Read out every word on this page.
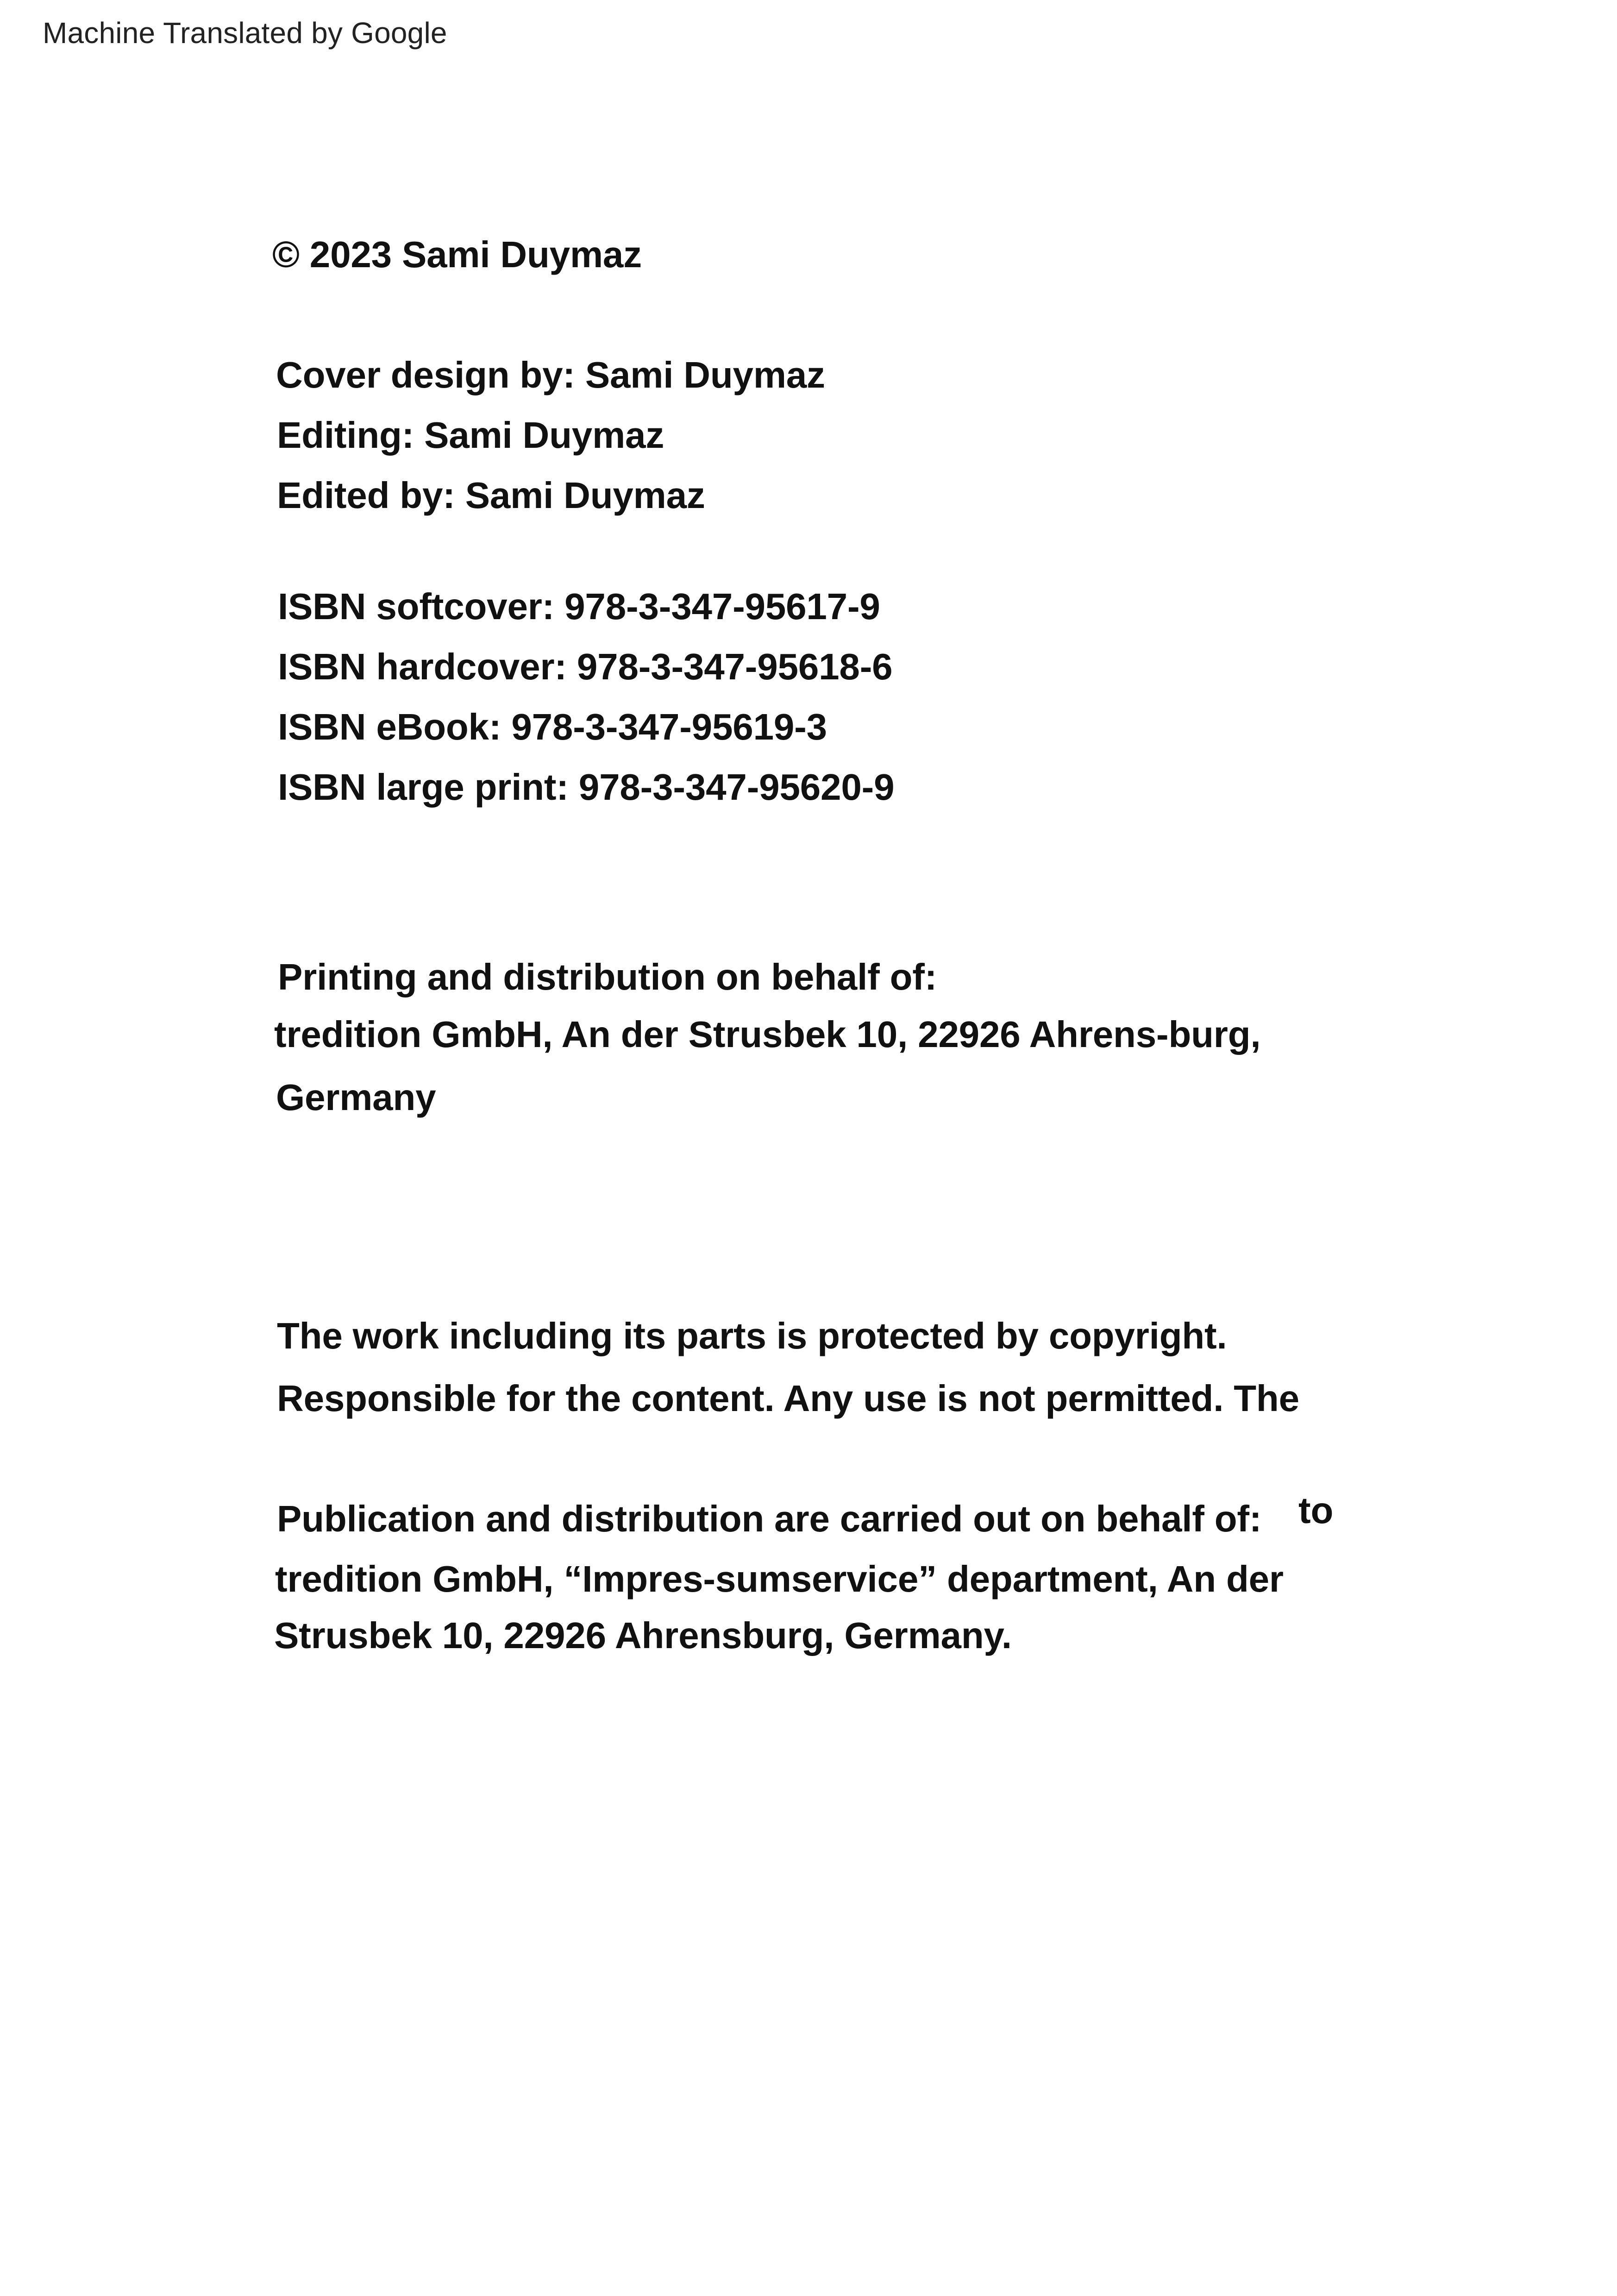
Machine Translated by Google
© 2023 Sami Duymaz
Cover design by: Sami Duymaz
Editing: Sami Duymaz
Edited by: Sami Duymaz
ISBN softcover: 978-3-347-95617-9
ISBN hardcover: 978-3-347-95618-6
ISBN eBook: 978-3-347-95619-3
ISBN large print: 978-3-347-95620-9
Printing and distribution on behalf of:
tredition GmbH, An der Strusbek 10, 22926 Ahrens-burg,
Germany
The work including its parts is protected by copyright.
Responsible for the content. Any use is not permitted. The
Publication and distribution are carried out on behalf of: to
tredition GmbH, “Impres-sumservice” department, An der
Strusbek 10, 22926 Ahrensburg, Germany.
